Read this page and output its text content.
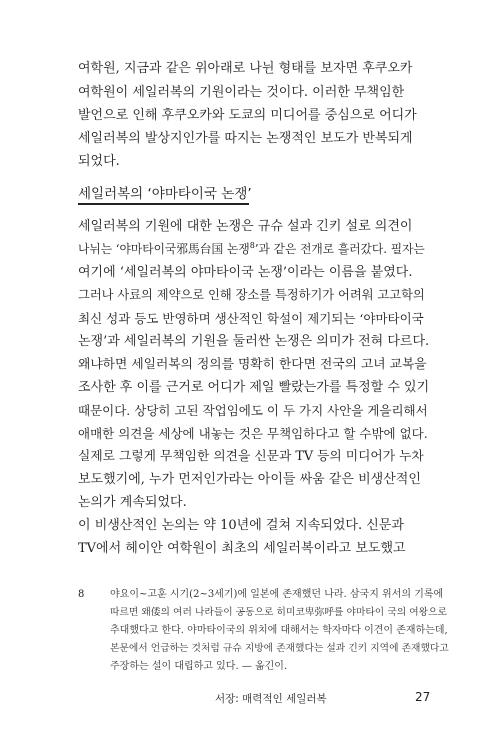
여학원, 지금과 같은 위아래로 나뉜 형태를 보자면 후쿠오카

여학원이 세일러복의 기원이라는 것이다. 이러한 무책임한

발언으로 인해 후쿠오카와 도쿄의 미디어를 중심으로 어디가

세일러복의 발상지인가를 따지는 논쟁적인 보도가 반복되게

되었다.

세일러복의 ‘야마타이국 논쟁’

세일러복의 기원에 대한 논쟁은 규슈 설과 긴키 설로 의견이

나뉘는 ‘야마타이국邪馬台国 논쟁$^8$’과 같은 전개로 흘러갔다. 필자는

여기에 ‘세일러복의 야마타이국 논쟁’이라는 이름을 붙였다.

그러나 사료의 제약으로 인해 장소를 특정하기가 어려워 고고학의

최신 성과 등도 반영하며 생산적인 학설이 제기되는 ‘야마타이국

논쟁’과 세일러복의 기원을 둘러싼 논쟁은 의미가 전혀 다르다.

왜냐하면 세일러복의 정의를 명확히 한다면 전국의 고녀 교복을

조사한 후 이를 근거로 어디가 제일 빨랐는가를 특정할 수 있기

때문이다. 상당히 고된 작업임에도 이 두 가지 사안을 게을리해서

애매한 의견을 세상에 내놓는 것은 무책임하다고 할 수밖에 없다.

실제로 그렇게 무책임한 의견을 신문과 TV 등의 미디어가 누차

보도했기에, 누가 먼저인가라는 아이들 싸움 같은 비생산적인

논의가 계속되었다.

이 비생산적인 논의는 약 10년에 걸쳐 지속되었다. 신문과

TV에서 헤이안 여학원이 최초의 세일러복이라고 보도했고

8	야요이~고훈 시기(2~3세기)에 일본에 존재했던 나라. 삼국지 위서의 기록에
따르면 왜倭의 여러 나라들이 공동으로 히미코卑弥呼를 야마타이 국의 여왕으로
추대했다고 한다. 야마타이국의 위치에 대해서는 학자마다 이견이 존재하는데,
본문에서 언급하는 것처럼 규슈 지방에 존재했다는 설과 긴키 지역에 존재했다고
주장하는 설이 대립하고 있다. — 옮긴이.
서장: 매력적인 세일러복	27
